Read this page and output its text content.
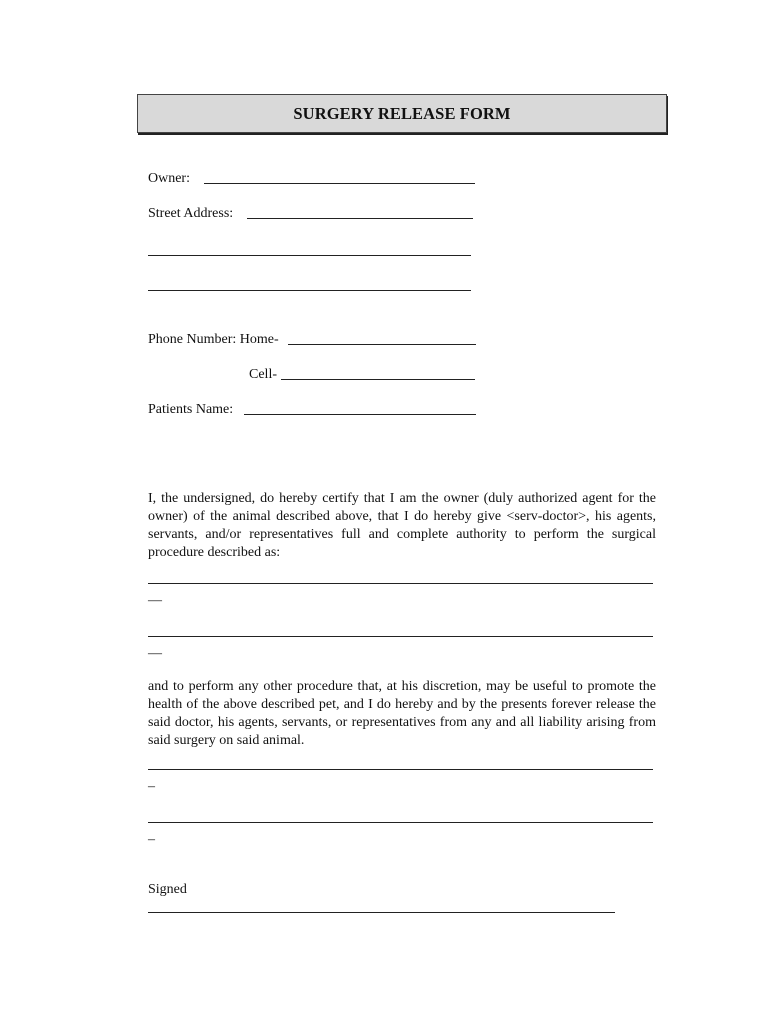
SURGERY RELEASE FORM
Owner:
Street Address:
Phone Number: Home-
Cell-
Patients Name:
I, the undersigned, do hereby certify that I am the owner (duly authorized agent for the owner) of the animal described above, that I do hereby give <serv-doctor>, his agents, servants, and/or representatives full and complete authority to perform the surgical procedure described as:
—
—
and to perform any other procedure that, at his discretion, may be useful to promote the health of the above described pet, and I do hereby and by the presents forever release the said doctor, his agents, servants, or representatives from any and all liability arising from said surgery on said animal.
–
–
Signed
